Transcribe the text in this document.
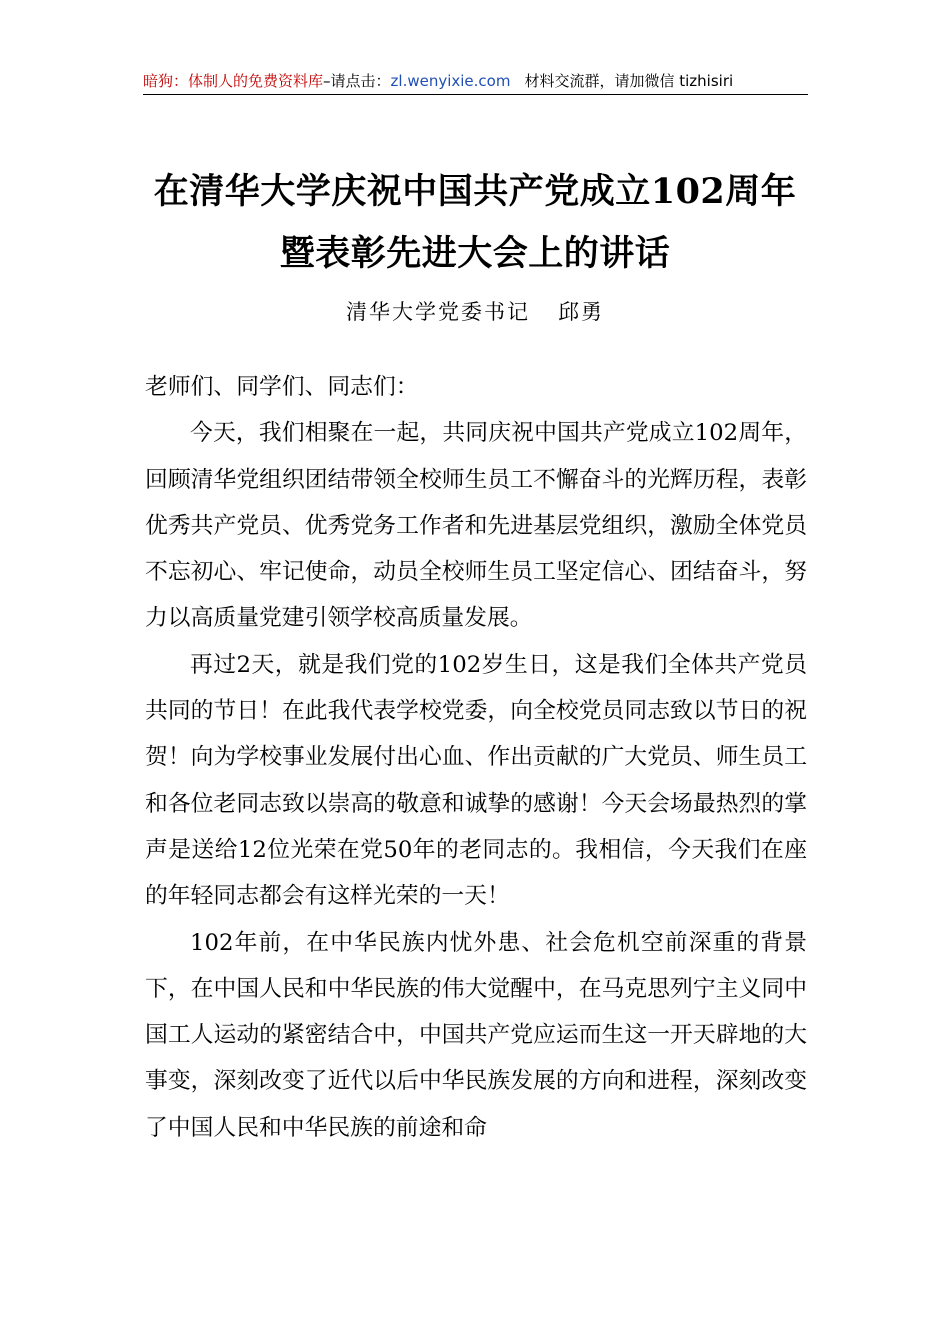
暗狗：体制人的免费资料库–请点击：zl.wenyixie.com 材料交流群，请加微信 tizhisiri
在清华大学庆祝中国共产党成立102周年
暨表彰先进大会上的讲话
清华大学党委书记 邱勇

老师们、同学们、同志们：

今天，我们相聚在一起，共同庆祝中国共产党成立102周年，回顾清华党组织团结带领全校师生员工不懈奋斗的光辉历程，表彰优秀共产党员、优秀党务工作者和先进基层党组织，激励全体党员不忘初心、牢记使命，动员全校师生员工坚定信心、团结奋斗，努力以高质量党建引领学校高质量发展。

再过2天，就是我们党的102岁生日，这是我们全体共产党员共同的节日！在此我代表学校党委，向全校党员同志致以节日的祝贺！向为学校事业发展付出心血、作出贡献的广大党员、师生员工和各位老同志致以崇高的敬意和诚挚的感谢！今天会场最热烈的掌声是送给12位光荣在党50年的老同志的。我相信，今天我们在座的年轻同志都会有这样光荣的一天！

102年前，在中华民族内忧外患、社会危机空前深重的背景下，在中国人民和中华民族的伟大觉醒中，在马克思列宁主义同中国工人运动的紧密结合中，中国共产党应运而生这一开天辟地的大事变，深刻改变了近代以后中华民族发展的方向和进程，深刻改变了中国人民和中华民族的前途和命
